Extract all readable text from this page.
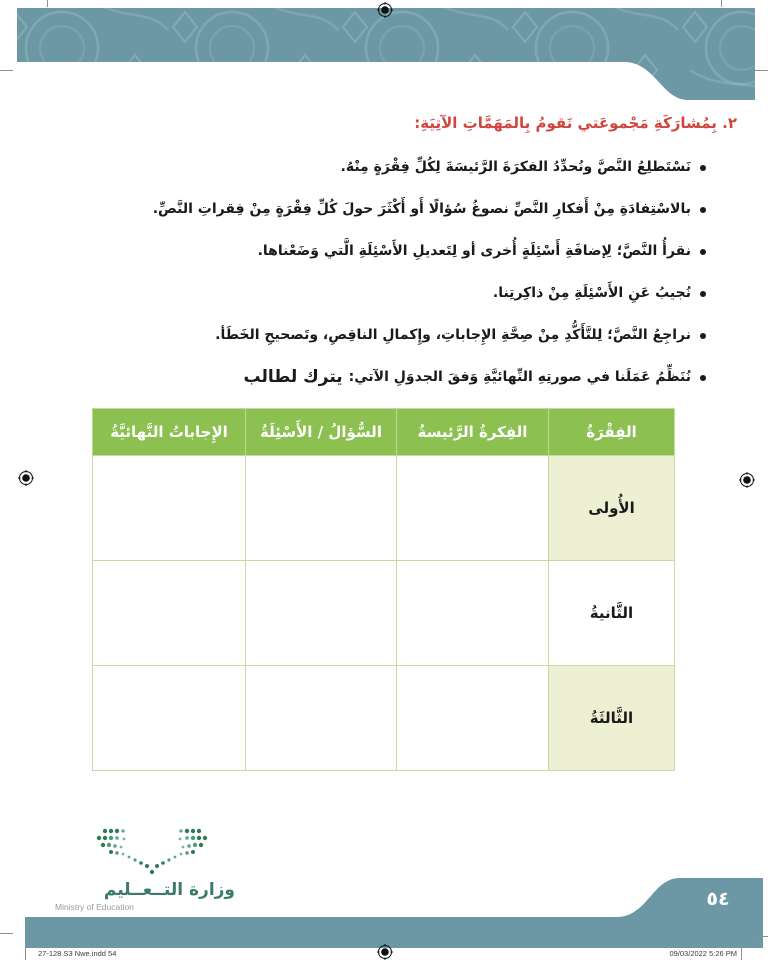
٢. بِمُشارَكَةِ مَجْموعَتي نَقومُ بِالمَهَمَّاتِ الآتِيَةِ:
نَسْتَطلِعُ النَّصَّ ونُحدِّدُ الفكرَةَ الرَّئيسَةَ لِكُلِّ فِقْرَةٍ مِنْهُ.
بالاسْتِفادَةِ مِنْ أَفكارِ النَّصِّ نصوغُ سُؤالًا أَو أَكْثَرَ حولَ كُلِّ فِقْرَةٍ مِنْ فِقراتِ النَّصِّ.
نقرأُ النَّصَّ؛ لِإضافَةِ أَسْئِلَةٍ أُخرى أو لِتَعديلِ الأَسْئِلَةِ الَّتي وَضَعْناها.
نُجيبُ عَنِ الأَسْئِلَةِ مِنْ ذاكِرتِنا.
نراجِعُ النَّصَّ؛ لِلتَّأَكُّدِ مِنْ صِحَّةِ الإِجاباتِ، وإِكمالِ الناقِصِ، وتَصحيحِ الخَطَأ.
نُنَظِّمُ عَمَلَنا في صورتِهِ النِّهائيَّةِ وَفقَ الجدوَلِ الآتي:
يترك لطالب
الفِقْرَةُ	الفِكرةُ الرَّئيسةُ	السُّؤالُ / الأَسْئِلَةُ	الإِجاباتُ النَّهائيَّةُ
الأُولى			
الثَّانيةُ			
الثَّالثَةُ			
وزارة التــعــليم
Ministry of Education	٥٤
27-128 S3 Nwe.indd 54	09/03/2022 5:26 PM
